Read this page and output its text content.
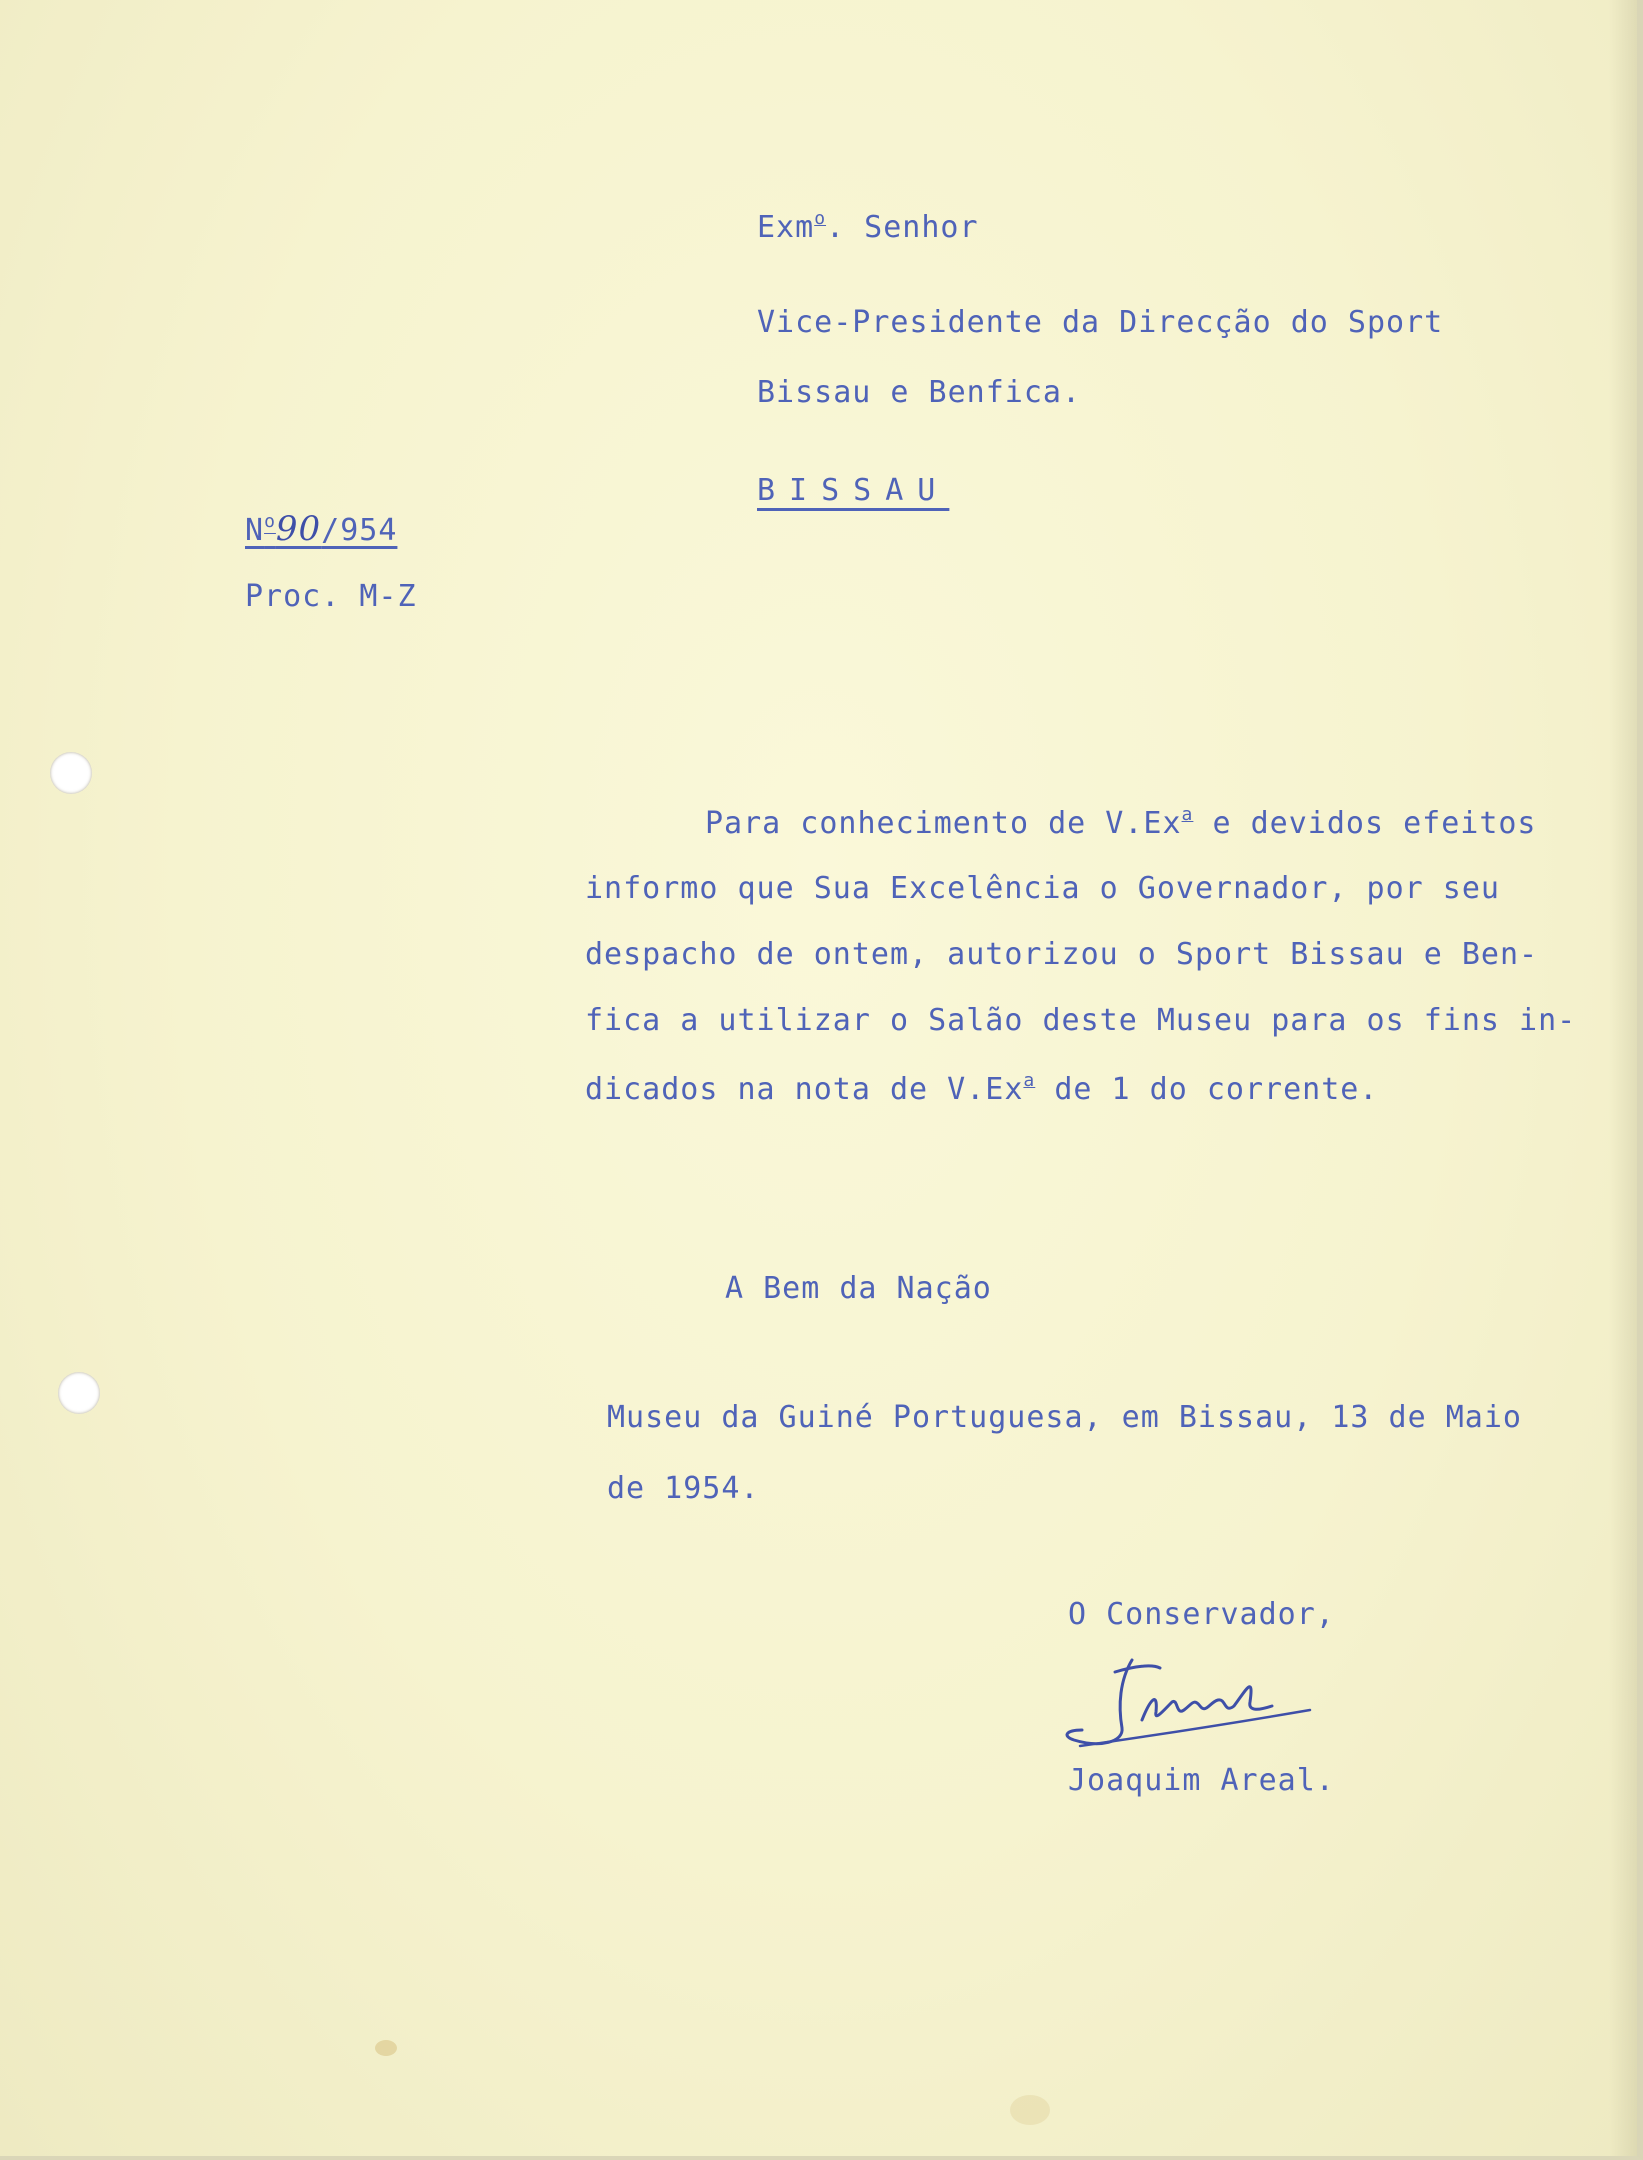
Exm$^o$. Senhor
Vice-Presidente da Direcção do Sport
Bissau e Benfica.
BISSAU
$N^o90/954$
Proc. M-Z
Para conhecimento de V.Ex$^a$ e devidos efeitos
informo que Sua Excelência o Governador, por seu
despacho de ontem, autorizou o Sport Bissau e Ben-
fica a utilizar o Salão deste Museu para os fins in-
dicados na nota de V.Ex$^a$ de 1 do corrente.
A Bem da Nação
Museu da Guiné Portuguesa, em Bissau, 13 de Maio
de 1954.
O Conservador,
Joaquim Areal.
